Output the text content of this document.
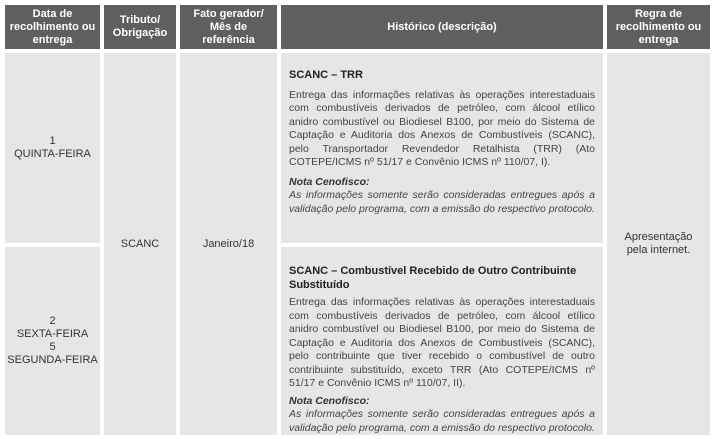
Data de recolhimento ou entrega
Tributo/ Obrigação
Fato gerador/ Mês de referência
Histórico (descrição)
Regra de recolhimento ou entrega
1
QUINTA-FEIRA
2
SEXTA-FEIRA
5
SEGUNDA-FEIRA
SCANC	Janeiro/18
SCANC – TRR

Entrega das informações relativas às operações interestaduais com combustíveis derivados de petróleo, com álcool etílico anidro combustível ou Biodiesel B100, por meio do Sistema de Captação e Auditoria dos Anexos de Combustíveis (SCANC), pelo Transportador Revendedor Retalhista (TRR) (Ato COTEPE/ICMS nº 51/17 e Convênio ICMS nº 110/07, I).

Nota Cenofisco:

As informações somente serão consideradas entregues após a validação pelo programa, com a emissão do respectivo protocolo.

SCANC – Combustível Recebido de Outro Contribuinte Substituído

Entrega das informações relativas às operações interestaduais com combustíveis derivados de petróleo, com álcool etílico anidro combustível ou Biodiesel B100, por meio do Sistema de Captação e Auditoria dos Anexos de Combustíveis (SCANC), pelo contribuinte que tiver recebido o combustível de outro contribuinte substituído, exceto TRR (Ato COTEPE/ICMS nº 51/17 e Convênio ICMS nº 110/07, II).

Nota Cenofisco:

As informações somente serão consideradas entregues após a validação pelo programa, com a emissão do respectivo protocolo.

Apresentação pela internet.
